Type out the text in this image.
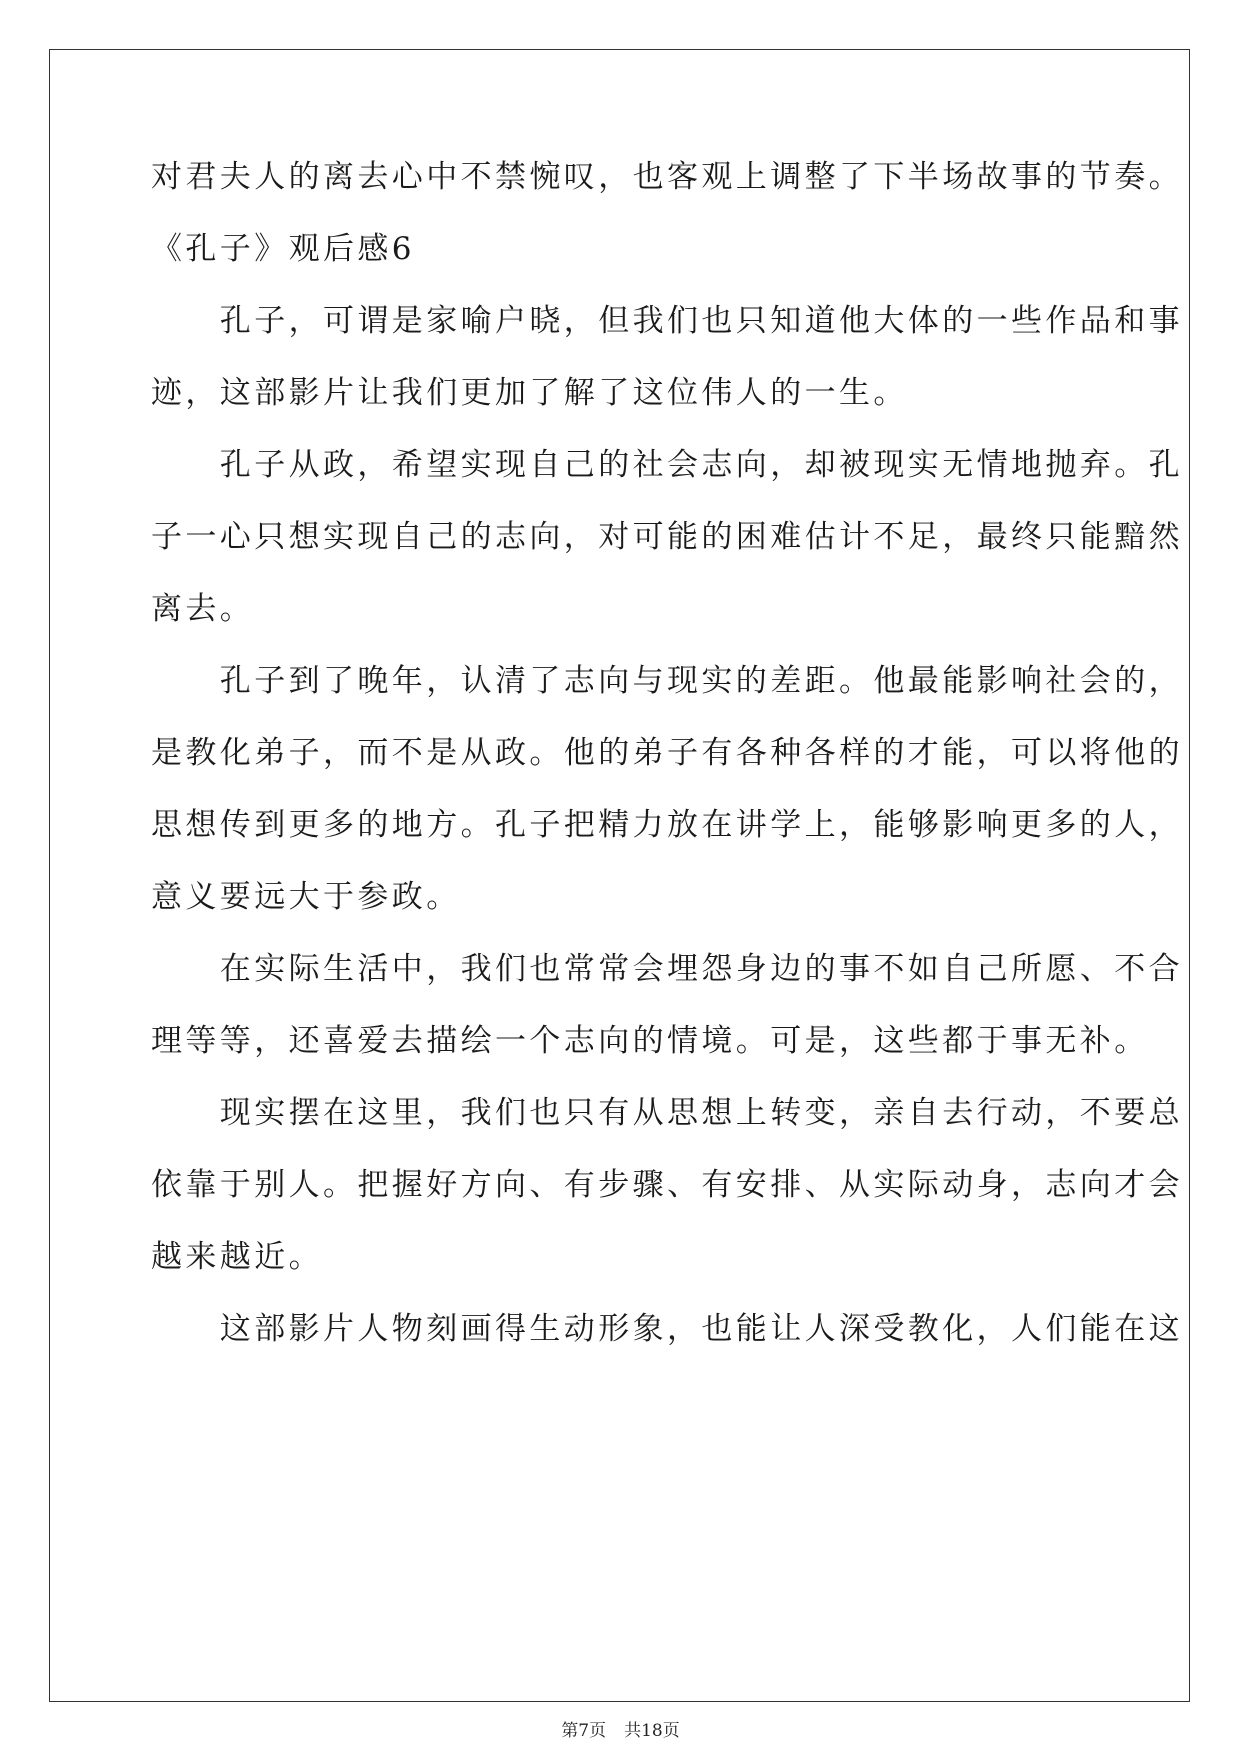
对君夫人的离去心中不禁惋叹，也客观上调整了下半场故事的节奏。
《孔子》观后感6
　　孔子，可谓是家喻户晓，但我们也只知道他大体的一些作品和事
迹，这部影片让我们更加了解了这位伟人的一生。
　　孔子从政，希望实现自己的社会志向，却被现实无情地抛弃。孔
子一心只想实现自己的志向，对可能的困难估计不足，最终只能黯然
离去。
　　孔子到了晚年，认清了志向与现实的差距。他最能影响社会的，
是教化弟子，而不是从政。他的弟子有各种各样的才能，可以将他的
思想传到更多的地方。孔子把精力放在讲学上，能够影响更多的人，
意义要远大于参政。
　　在实际生活中，我们也常常会埋怨身边的事不如自己所愿、不合
理等等，还喜爱去描绘一个志向的情境。可是，这些都于事无补。
　　现实摆在这里，我们也只有从思想上转变，亲自去行动，不要总
依靠于别人。把握好方向、有步骤、有安排、从实际动身，志向才会
越来越近。
　　这部影片人物刻画得生动形象，也能让人深受教化，人们能在这
第7页 共18页
